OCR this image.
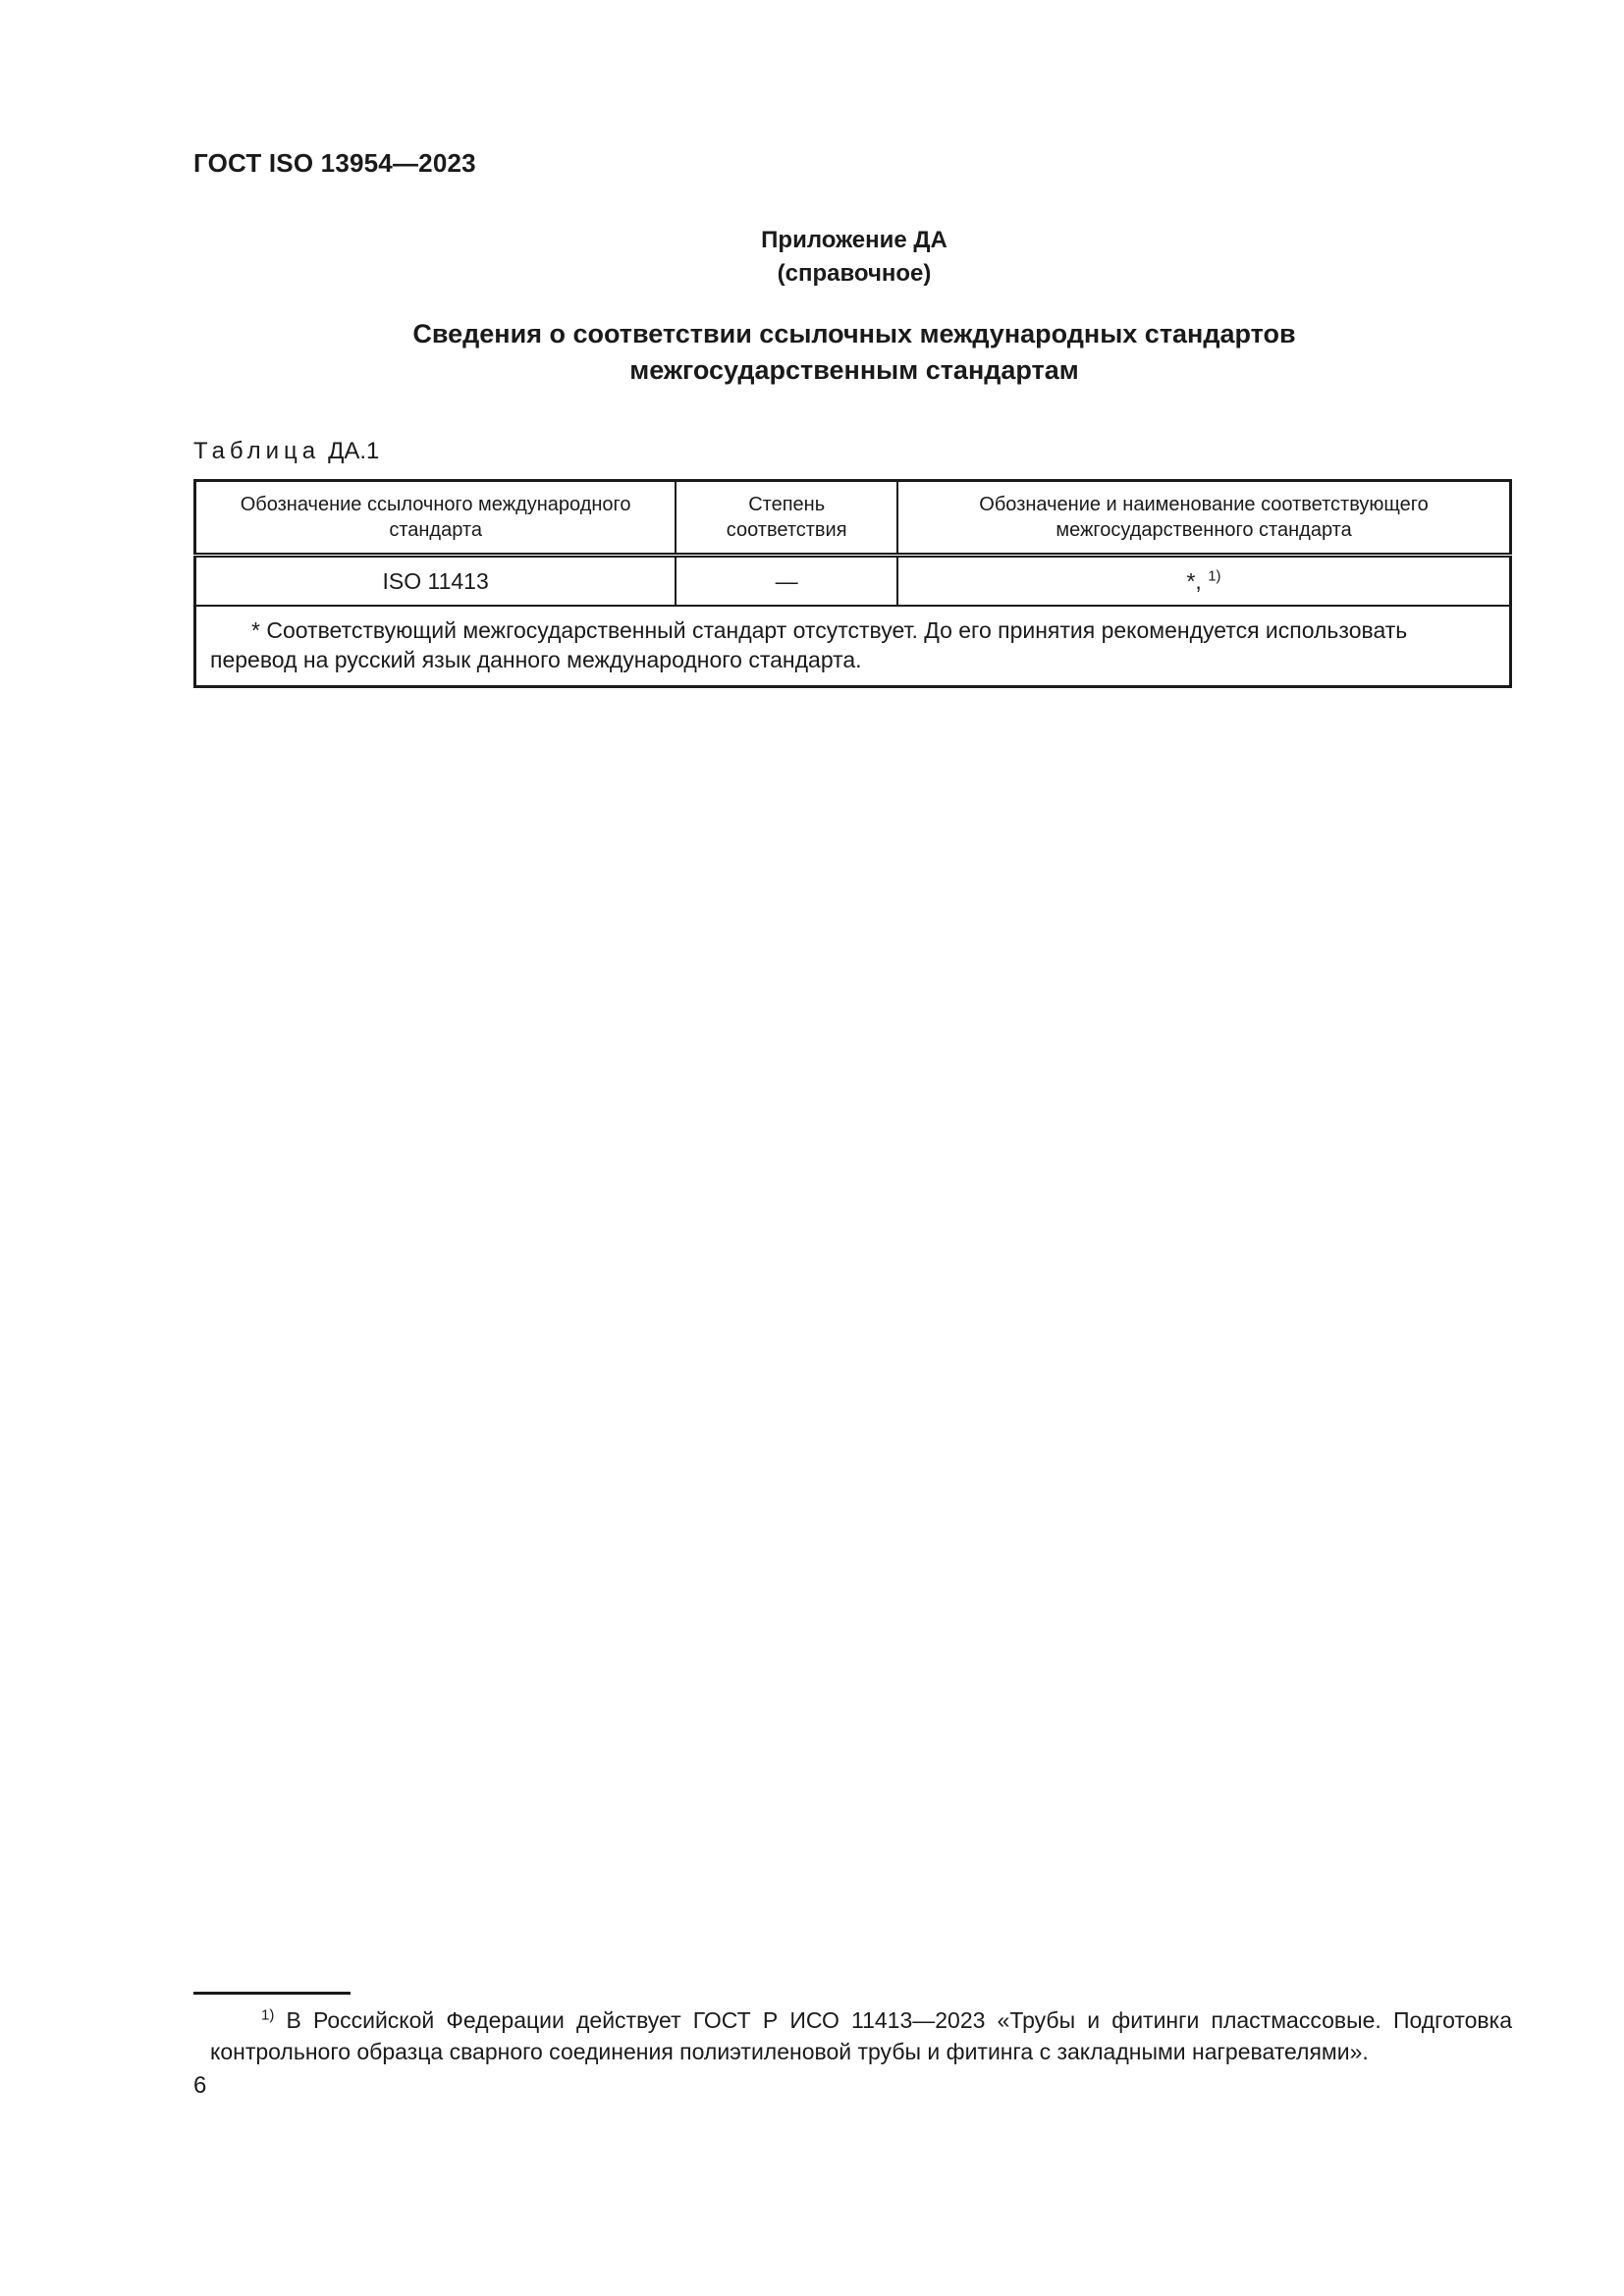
ГОСТ ISO 13954—2023
Приложение ДА
(справочное)
Сведения о соответствии ссылочных международных стандартов
межгосударственным стандартам
Таблица ДА.1
Обозначение ссылочного международного стандарта	Степень соответствия	Обозначение и наименование соответствующего межгосударственного стандарта

ISO 11413	—	*, $^{1)}$

* Соответствующий межгосударственный стандарт отсутствует. До его принятия рекомендуется использовать перевод на русский язык данного международного стандарта.		
$^{1)}$ В Российской Федерации действует ГОСТ Р ИСО 11413—2023 «Трубы и фитинги пластмассовые. Подготовка контрольного образца сварного соединения полиэтиленовой трубы и фитинга с закладными нагревателями».
6
